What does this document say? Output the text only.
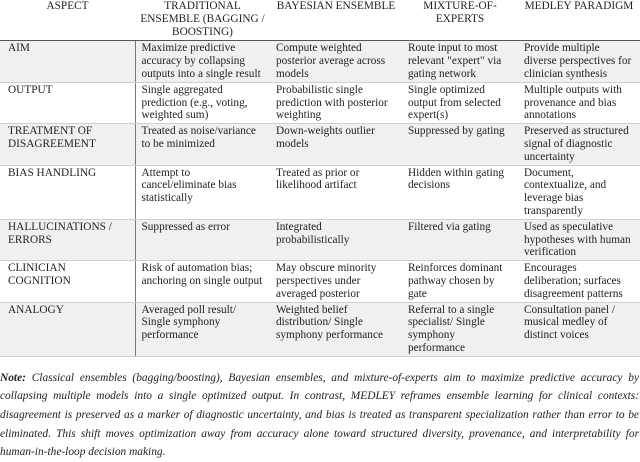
ASPECT	TRADITIONAL ENSEMBLE (BAGGING / BOOSTING)	BAYESIAN ENSEMBLE	MIXTURE-OF-EXPERTS	MEDLEY PARADIGM
AIM	Maximize predictive accuracy by collapsing outputs into a single result	Compute weighted posterior average across models	Route input to most relevant "expert" via gating network	Provide multiple diverse perspectives for clinician synthesis
OUTPUT	Single aggregated prediction (e.g., voting, weighted sum)	Probabilistic single prediction with posterior weighting	Single optimized output from selected expert(s)	Multiple outputs with provenance and bias annotations
TREATMENT OF DISAGREEMENT	Treated as noise/variance to be minimized	Down-weights outlier models	Suppressed by gating	Preserved as structured signal of diagnostic uncertainty
BIAS HANDLING	Attempt to cancel/eliminate bias statistically	Treated as prior or likelihood artifact	Hidden within gating decisions	Document, contextualize, and leverage bias transparently
HALLUCINATIONS / ERRORS	Suppressed as error	Integrated probabilistically	Filtered via gating	Used as speculative hypotheses with human verification
CLINICIAN COGNITION	Risk of automation bias; anchoring on single output	May obscure minority perspectives under averaged posterior	Reinforces dominant pathway chosen by gate	Encourages deliberation; surfaces disagreement patterns
ANALOGY	Averaged poll result/ Single symphony performance	Weighted belief distribution/ Single symphony performance	Referral to a single specialist/ Single symphony performance	Consultation panel / musical medley of distinct voices

Note: Classical ensembles (bagging/boosting), Bayesian ensembles, and mixture-of-experts aim to maximize predictive accuracy by collapsing multiple models into a single optimized output. In contrast, MEDLEY reframes ensemble learning for clinical contexts: disagreement is preserved as a marker of diagnostic uncertainty, and bias is treated as transparent specialization rather than error to be eliminated. This shift moves optimization away from accuracy alone toward structured diversity, provenance, and interpretability for human-in-the-loop decision making.
